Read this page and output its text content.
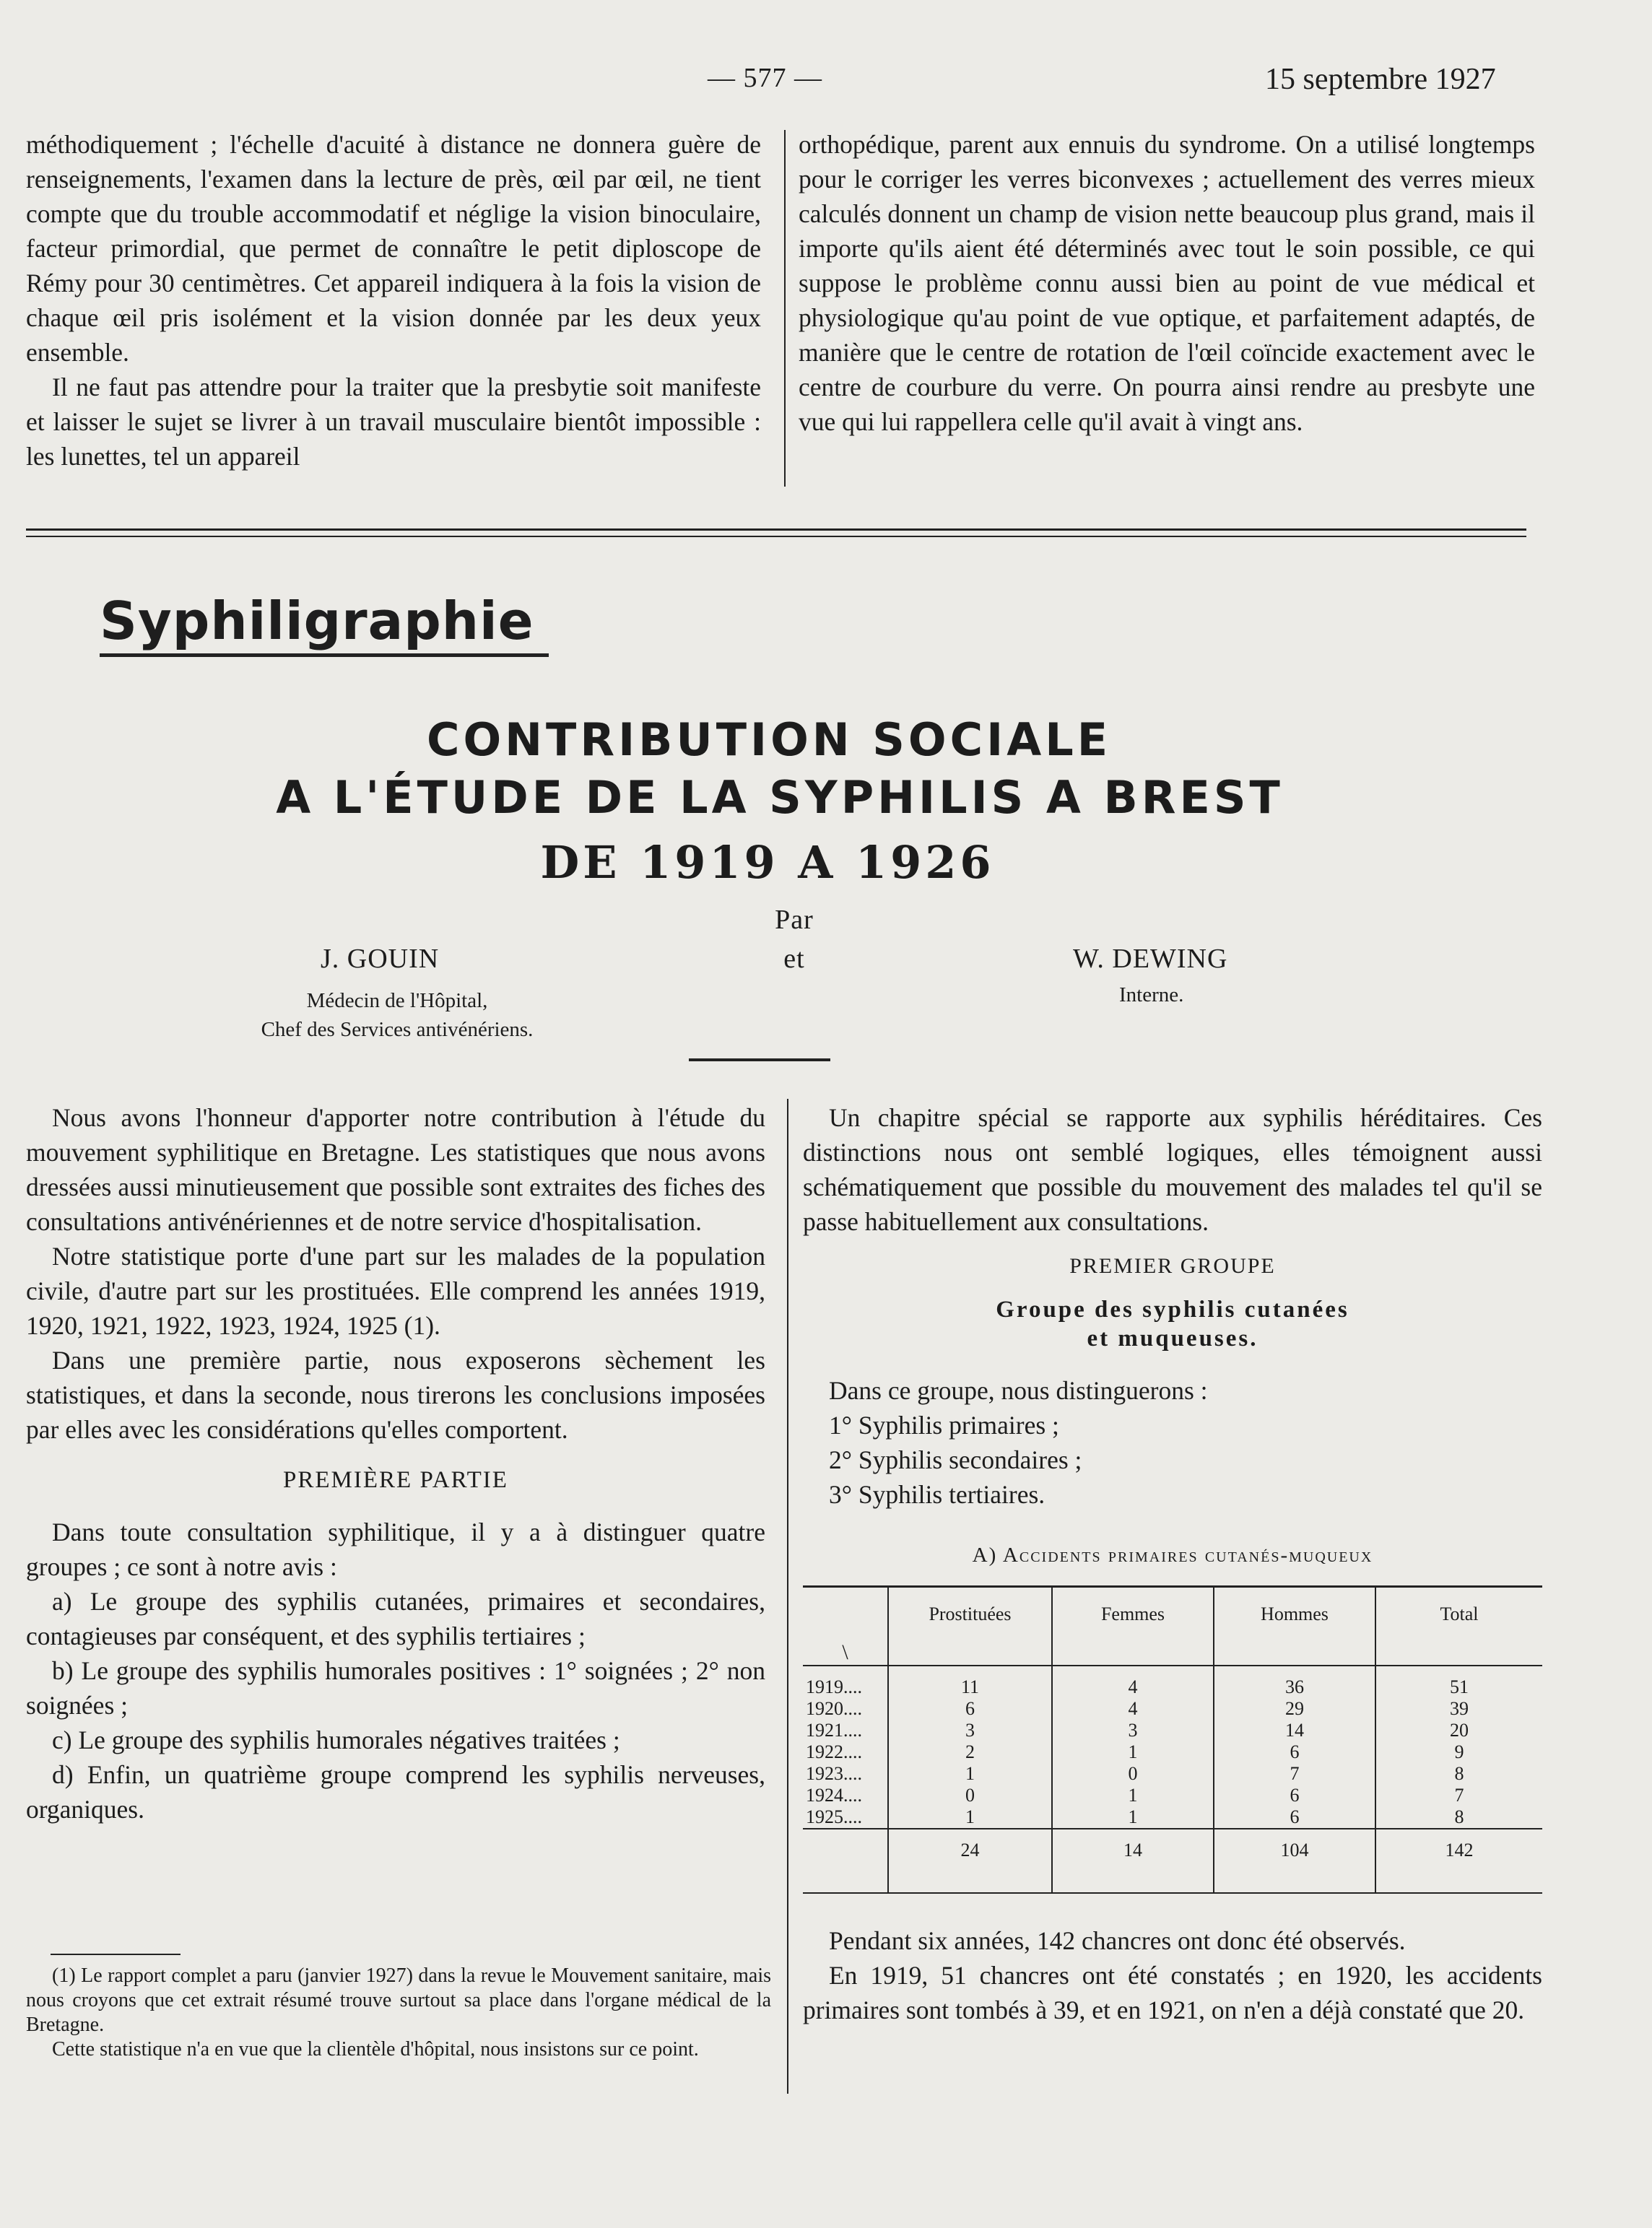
— 577 —	15 septembre 1927

méthodiquement ; l'échelle d'acuité à distance ne donnera guère de renseignements, l'examen dans la lecture de près, œil par œil, ne tient compte que du trouble accommodatif et néglige la vision binoculaire, facteur primordial, que permet de connaître le petit diploscope de Rémy pour 30 centimètres. Cet appareil indiquera à la fois la vision de chaque œil pris isolément et la vision donnée par les deux yeux ensemble.

Il ne faut pas attendre pour la traiter que la presbytie soit manifeste et laisser le sujet se livrer à un travail musculaire bientôt impossible : les lunettes, tel un appareil

orthopédique, parent aux ennuis du syndrome. On a utilisé longtemps pour le corriger les verres biconvexes ; actuellement des verres mieux calculés donnent un champ de vision nette beaucoup plus grand, mais il importe qu'ils aient été déterminés avec tout le soin possible, ce qui suppose le problème connu aussi bien au point de vue médical et physiologique qu'au point de vue optique, et parfaitement adaptés, de manière que le centre de rotation de l'œil coïncide exactement avec le centre de courbure du verre. On pourra ainsi rendre au presbyte une vue qui lui rappellera celle qu'il avait à vingt ans.

Syphiligraphie
CONTRIBUTION SOCIALE
A L'ÉTUDE DE LA SYPHILIS A BREST
DE 1919 A 1926
Par
J. GOUIN	et	W. DEWING
Médecin de l'Hôpital,
Chef des Services antivénériens.
Interne.

Nous avons l'honneur d'apporter notre contribution à l'étude du mouvement syphilitique en Bretagne. Les statistiques que nous avons dressées aussi minutieusement que possible sont extraites des fiches des consultations antivénériennes et de notre service d'hospitalisation.

Notre statistique porte d'une part sur les malades de la population civile, d'autre part sur les prostituées. Elle comprend les années 1919, 1920, 1921, 1922, 1923, 1924, 1925 (1).

Dans une première partie, nous exposerons sèchement les statistiques, et dans la seconde, nous tirerons les conclusions imposées par elles avec les considérations qu'elles comportent.

PREMIÈRE PARTIE

Dans toute consultation syphilitique, il y a à distinguer quatre groupes ; ce sont à notre avis :

a) Le groupe des syphilis cutanées, primaires et secondaires, contagieuses par conséquent, et des syphilis tertiaires ;

b) Le groupe des syphilis humorales positives : 1° soignées ; 2° non soignées ;

c) Le groupe des syphilis humorales négatives traitées ;

d) Enfin, un quatrième groupe comprend les syphilis nerveuses, organiques.

(1) Le rapport complet a paru (janvier 1927) dans la revue le Mouvement sanitaire, mais nous croyons que cet extrait résumé trouve surtout sa place dans l'organe médical de la Bretagne.

Cette statistique n'a en vue que la clientèle d'hôpital, nous insistons sur ce point.

Un chapitre spécial se rapporte aux syphilis héréditaires. Ces distinctions nous ont semblé logiques, elles témoignent aussi schématiquement que possible du mouvement des malades tel qu'il se passe habituellement aux consultations.

PREMIER GROUPE
Groupe des syphilis cutanées
et muqueuses.

Dans ce groupe, nous distinguerons :

1° Syphilis primaires ;

2° Syphilis secondaires ;

3° Syphilis tertiaires.

A) Accidents primaires cutanés-muqueux
\	Prostituées	Femmes	Hommes	Total
1919....	11	4	36	51
1920....	6	4	29	39
1921....	3	3	14	20
1922....	2	1	6	9
1923....	1	0	7	8
1924....	0	1	6	7
1925....	1	1	6	8
	24	14	104	142

Pendant six années, 142 chancres ont donc été observés.

En 1919, 51 chancres ont été constatés ; en 1920, les accidents primaires sont tombés à 39, et en 1921, on n'en a déjà constaté que 20.
